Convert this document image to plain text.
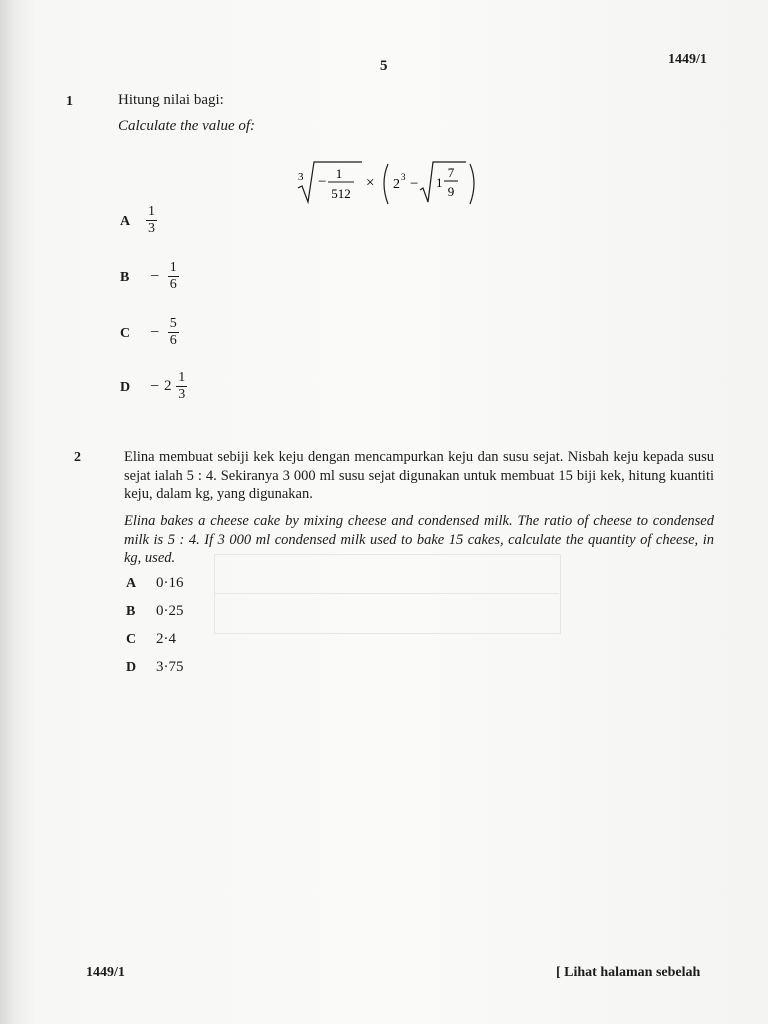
5	1449/1
1	Hitung nilai bagi:
Calculate the value of:
3 −
1
512
× 2 3 − 1
7
9
A $\frac{1}{3}$
$B - \frac{1}{6}$
$C - \frac{5}{6}$
$D - 2 \frac{1}{3}$
2	Elina membuat sebiji kek keju dengan mencampurkan keju dan susu sejat. Nisbah keju kepada susu sejat ialah 5 : 4. Sekiranya 3 000 ml susu sejat digunakan untuk membuat 15 biji kek, hitung kuantiti keju, dalam kg, yang digunakan.
Elina bakes a cheese cake by mixing cheese and condensed milk. The ratio of cheese to condensed milk is 5 : 4. If 3 000 ml condensed milk used to bake 15 cakes, calculate the quantity of cheese, in kg, used.
A 0·16
B 0·25
C 2·4
D 3·75
1449/1	[ Lihat halaman sebelah
